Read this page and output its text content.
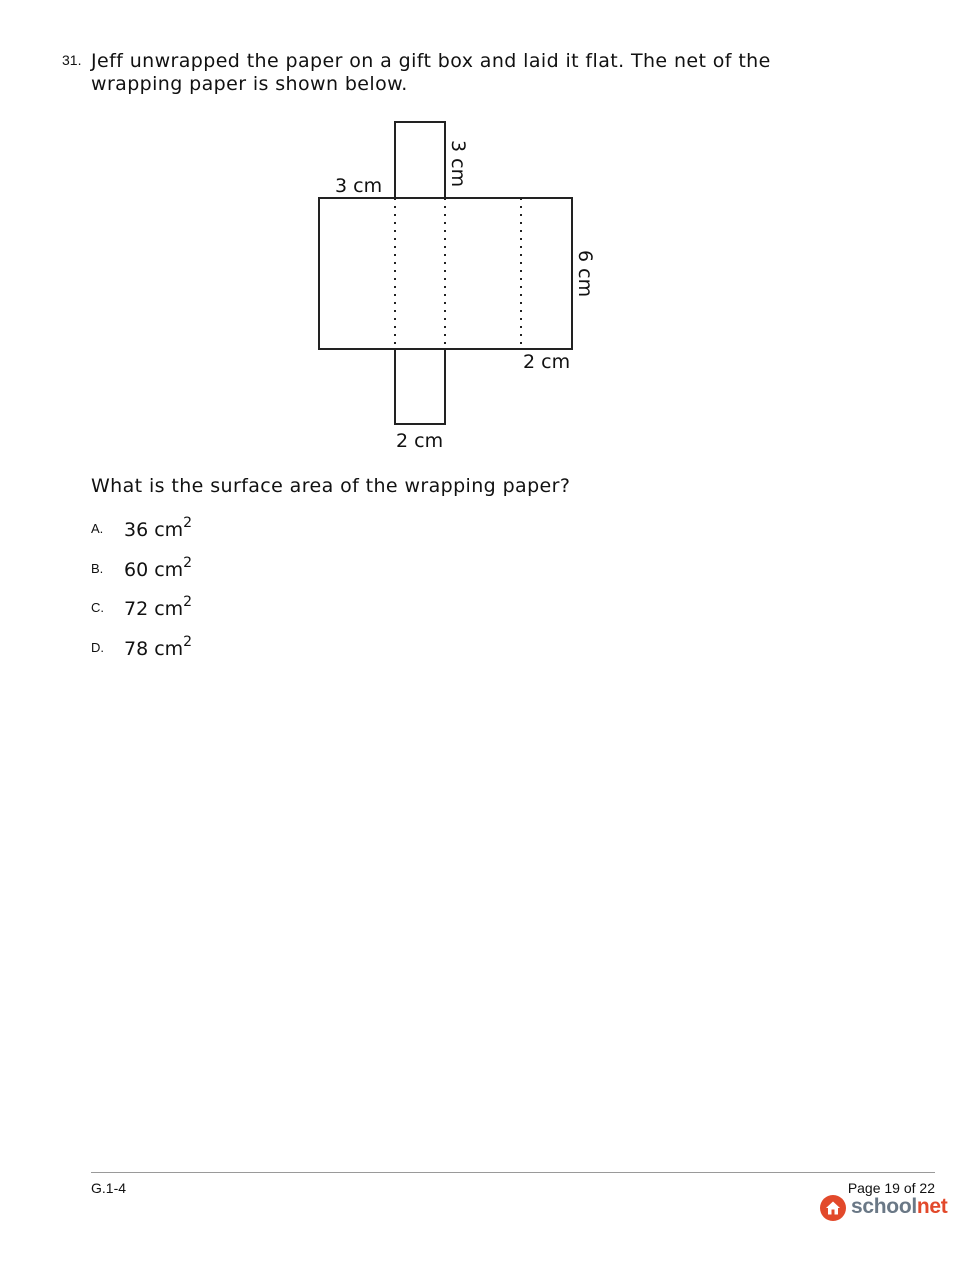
31. Jeff unwrapped the paper on a gift box and laid it flat. The net of the
wrapping paper is shown below.
3 cm	3 cm
6 cm
2 cm
2 cm
What is the surface area of the wrapping paper?
A. 36 $cm^2$
B. 60 $cm^2$
C. 72 $cm^2$
D. 78 $cm^2$
G.1-4	Page 19 of 22
schoolnet
